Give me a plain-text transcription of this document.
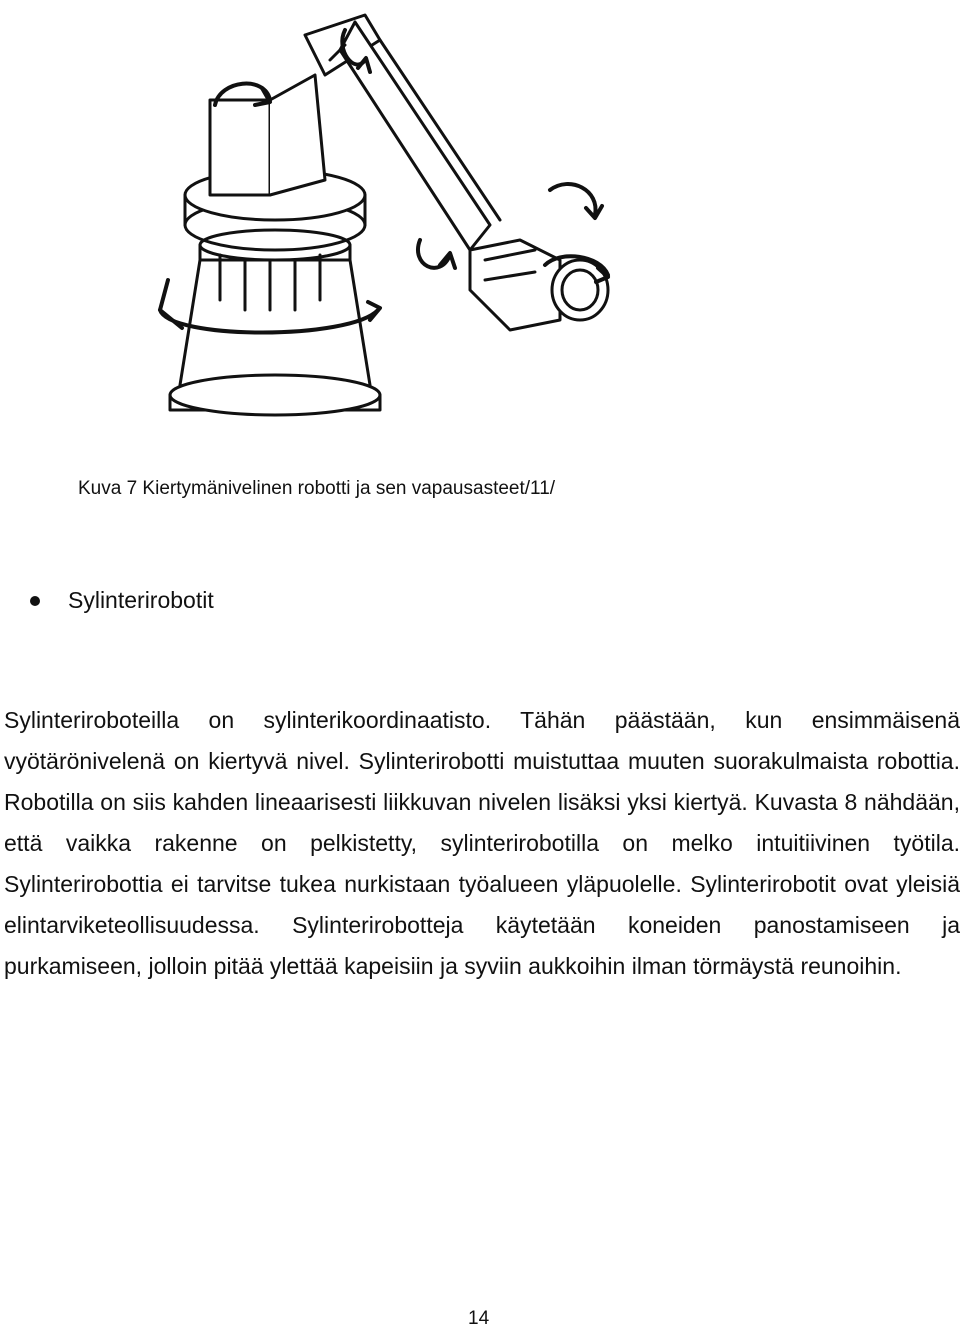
Kuva 7 Kiertymänivelinen robotti ja sen vapausasteet/11/
Sylinterirobotit
Sylinteriroboteilla on sylinterikoordinaatisto. Tähän päästään, kun ensimmäisenä vyötärönivelenä on kiertyvä nivel. Sylinterirobotti muistuttaa muuten suorakulmaista robottia. Robotilla on siis kahden lineaarisesti liikkuvan nivelen lisäksi yksi kiertyä. Kuvasta 8 nähdään, että vaikka rakenne on pelkistetty, sylinterirobotilla on melko intuitiivinen työtila. Sylinterirobottia ei tarvitse tukea nurkistaan työalueen yläpuolelle. Sylinterirobotit ovat yleisiä elintarviketeollisuudessa. Sylinterirobotteja käytetään koneiden panostamiseen ja purkamiseen, jolloin pitää ylettää kapeisiin ja syviin aukkoihin ilman törmäystä reunoihin.
14
